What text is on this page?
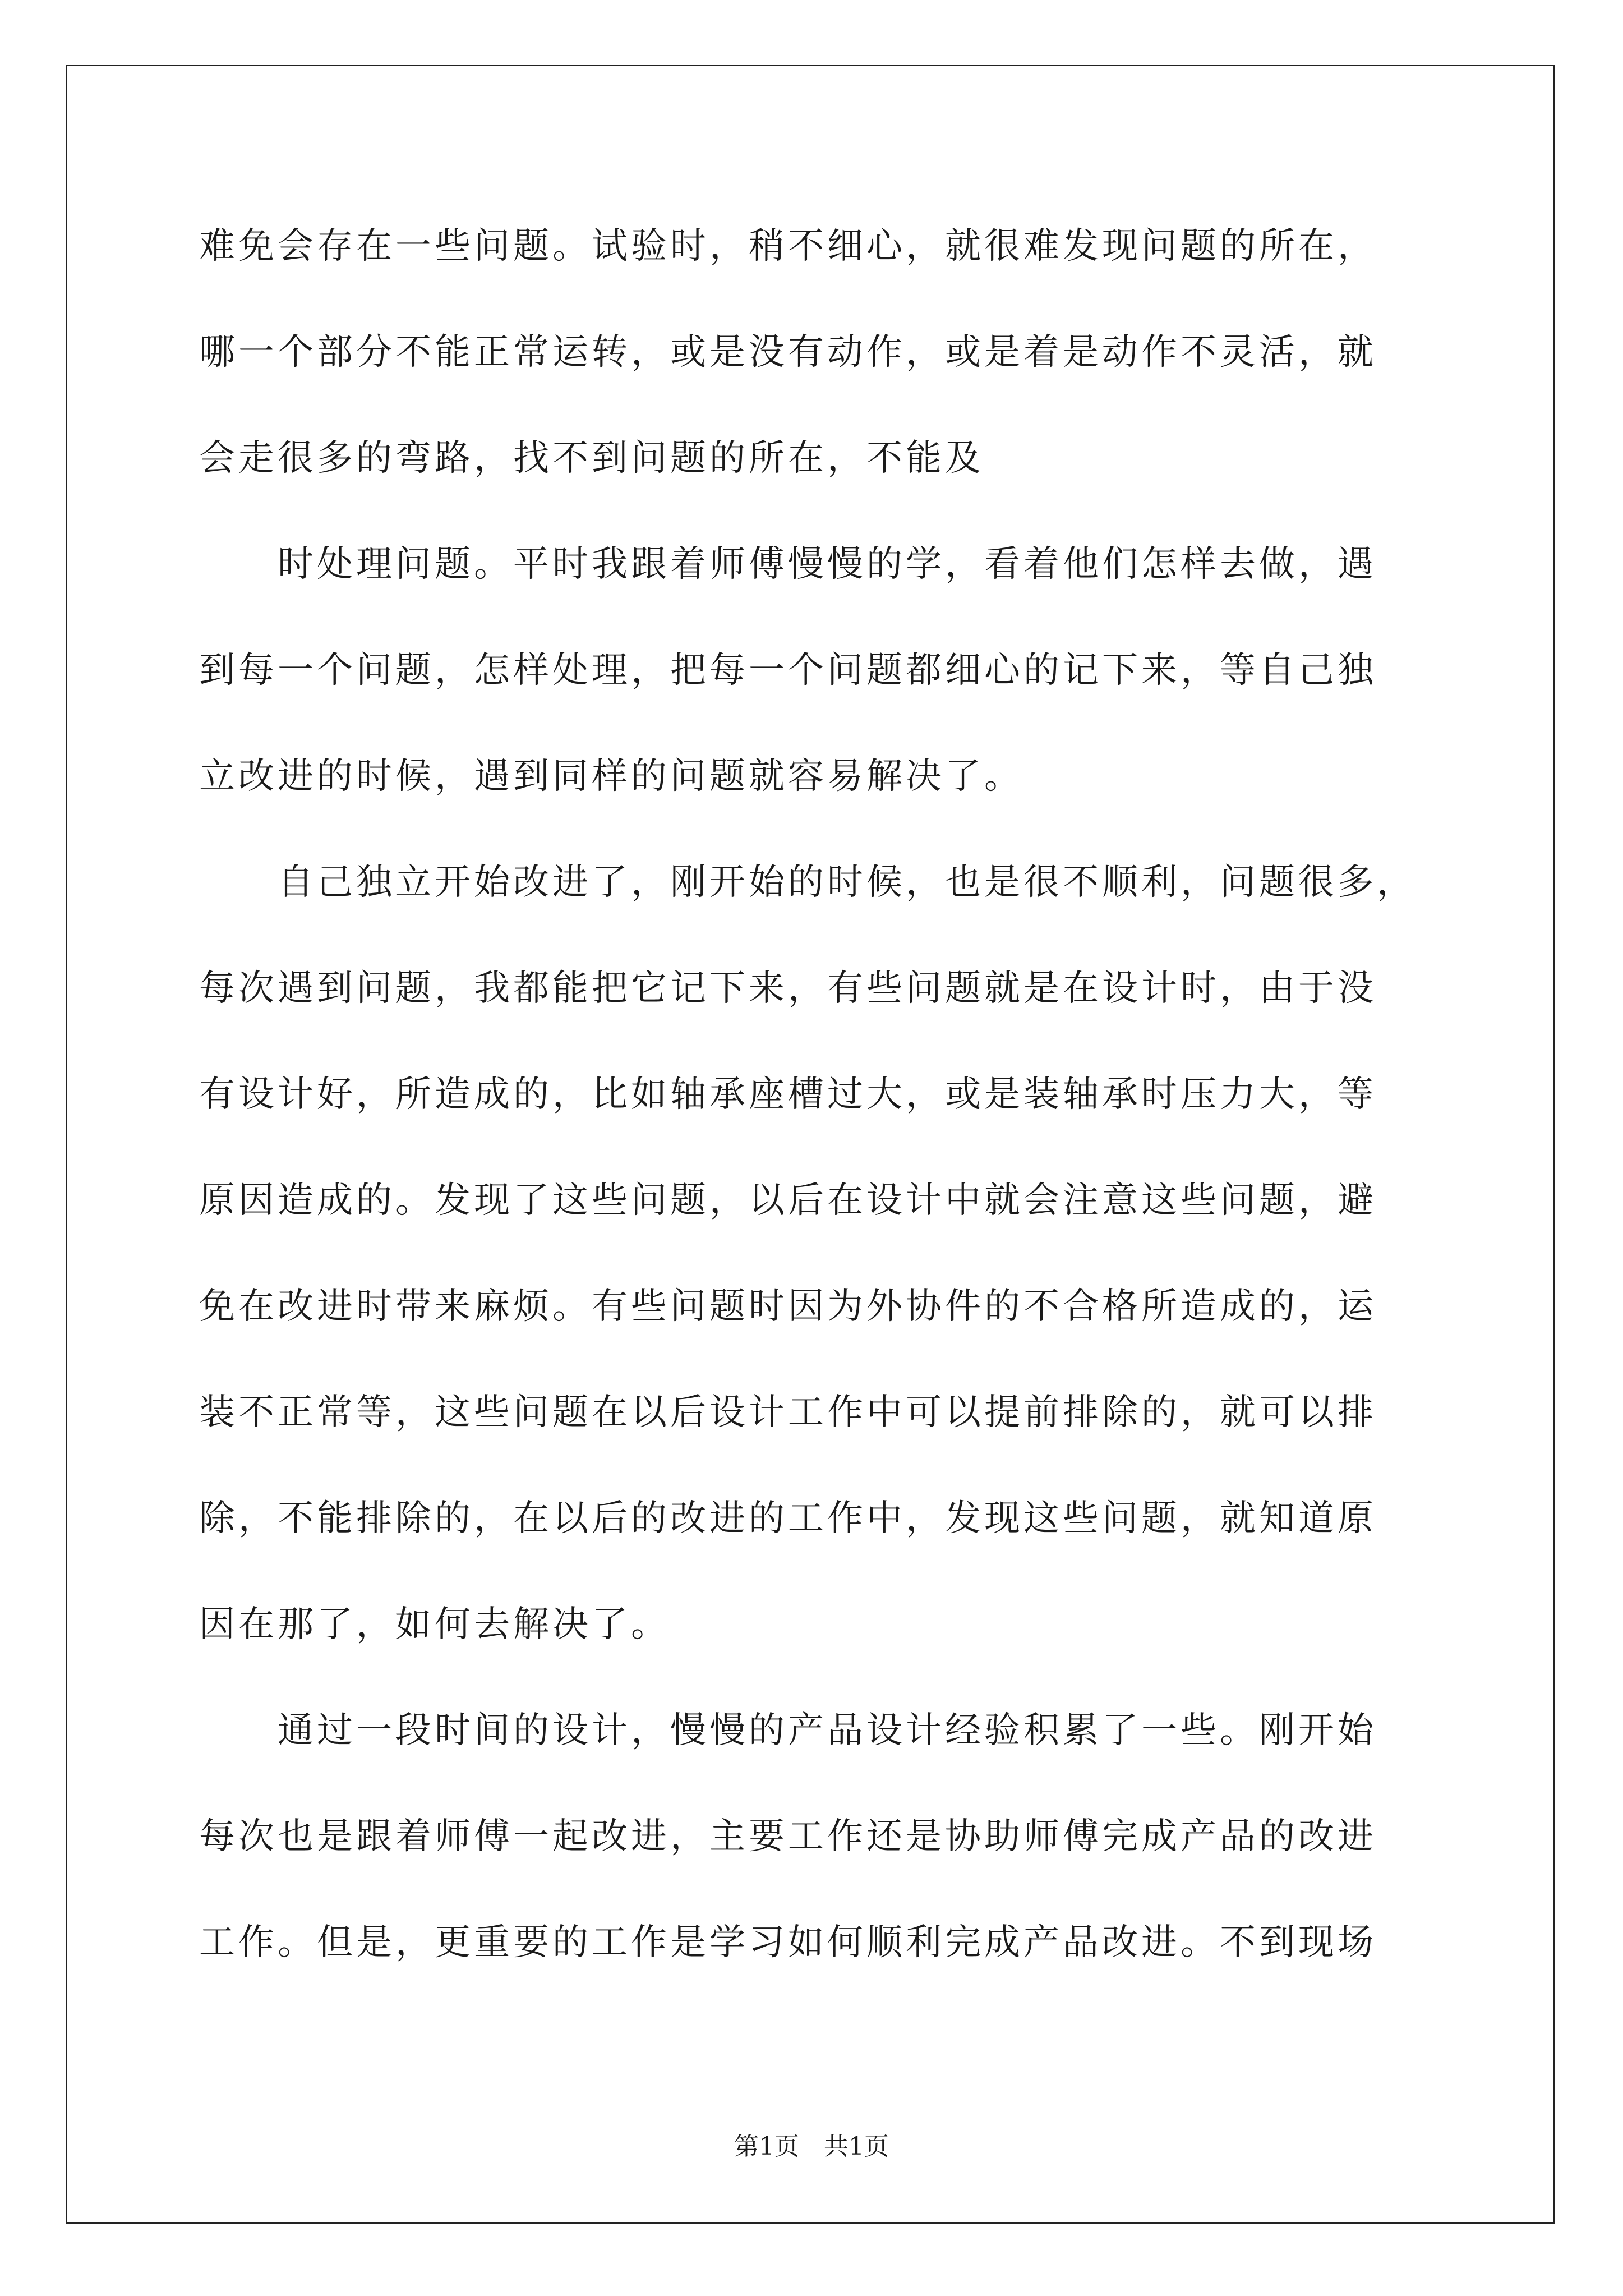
难免会存在一些问题。试验时，稍不细心，就很难发现问题的所在，
哪一个部分不能正常运转，或是没有动作，或是着是动作不灵活，就
会走很多的弯路，找不到问题的所在，不能及
时处理问题。平时我跟着师傅慢慢的学，看着他们怎样去做，遇
到每一个问题，怎样处理，把每一个问题都细心的记下来，等自己独
立改进的时候，遇到同样的问题就容易解决了。
自己独立开始改进了，刚开始的时候，也是很不顺利，问题很多，
每次遇到问题，我都能把它记下来，有些问题就是在设计时，由于没
有设计好，所造成的，比如轴承座槽过大，或是装轴承时压力大，等
原因造成的。发现了这些问题，以后在设计中就会注意这些问题，避
免在改进时带来麻烦。有些问题时因为外协件的不合格所造成的，运
装不正常等，这些问题在以后设计工作中可以提前排除的，就可以排
除，不能排除的，在以后的改进的工作中，发现这些问题，就知道原
因在那了，如何去解决了。
通过一段时间的设计，慢慢的产品设计经验积累了一些。刚开始
每次也是跟着师傅一起改进，主要工作还是协助师傅完成产品的改进
工作。但是，更重要的工作是学习如何顺利完成产品改进。不到现场
第1页　共1页
